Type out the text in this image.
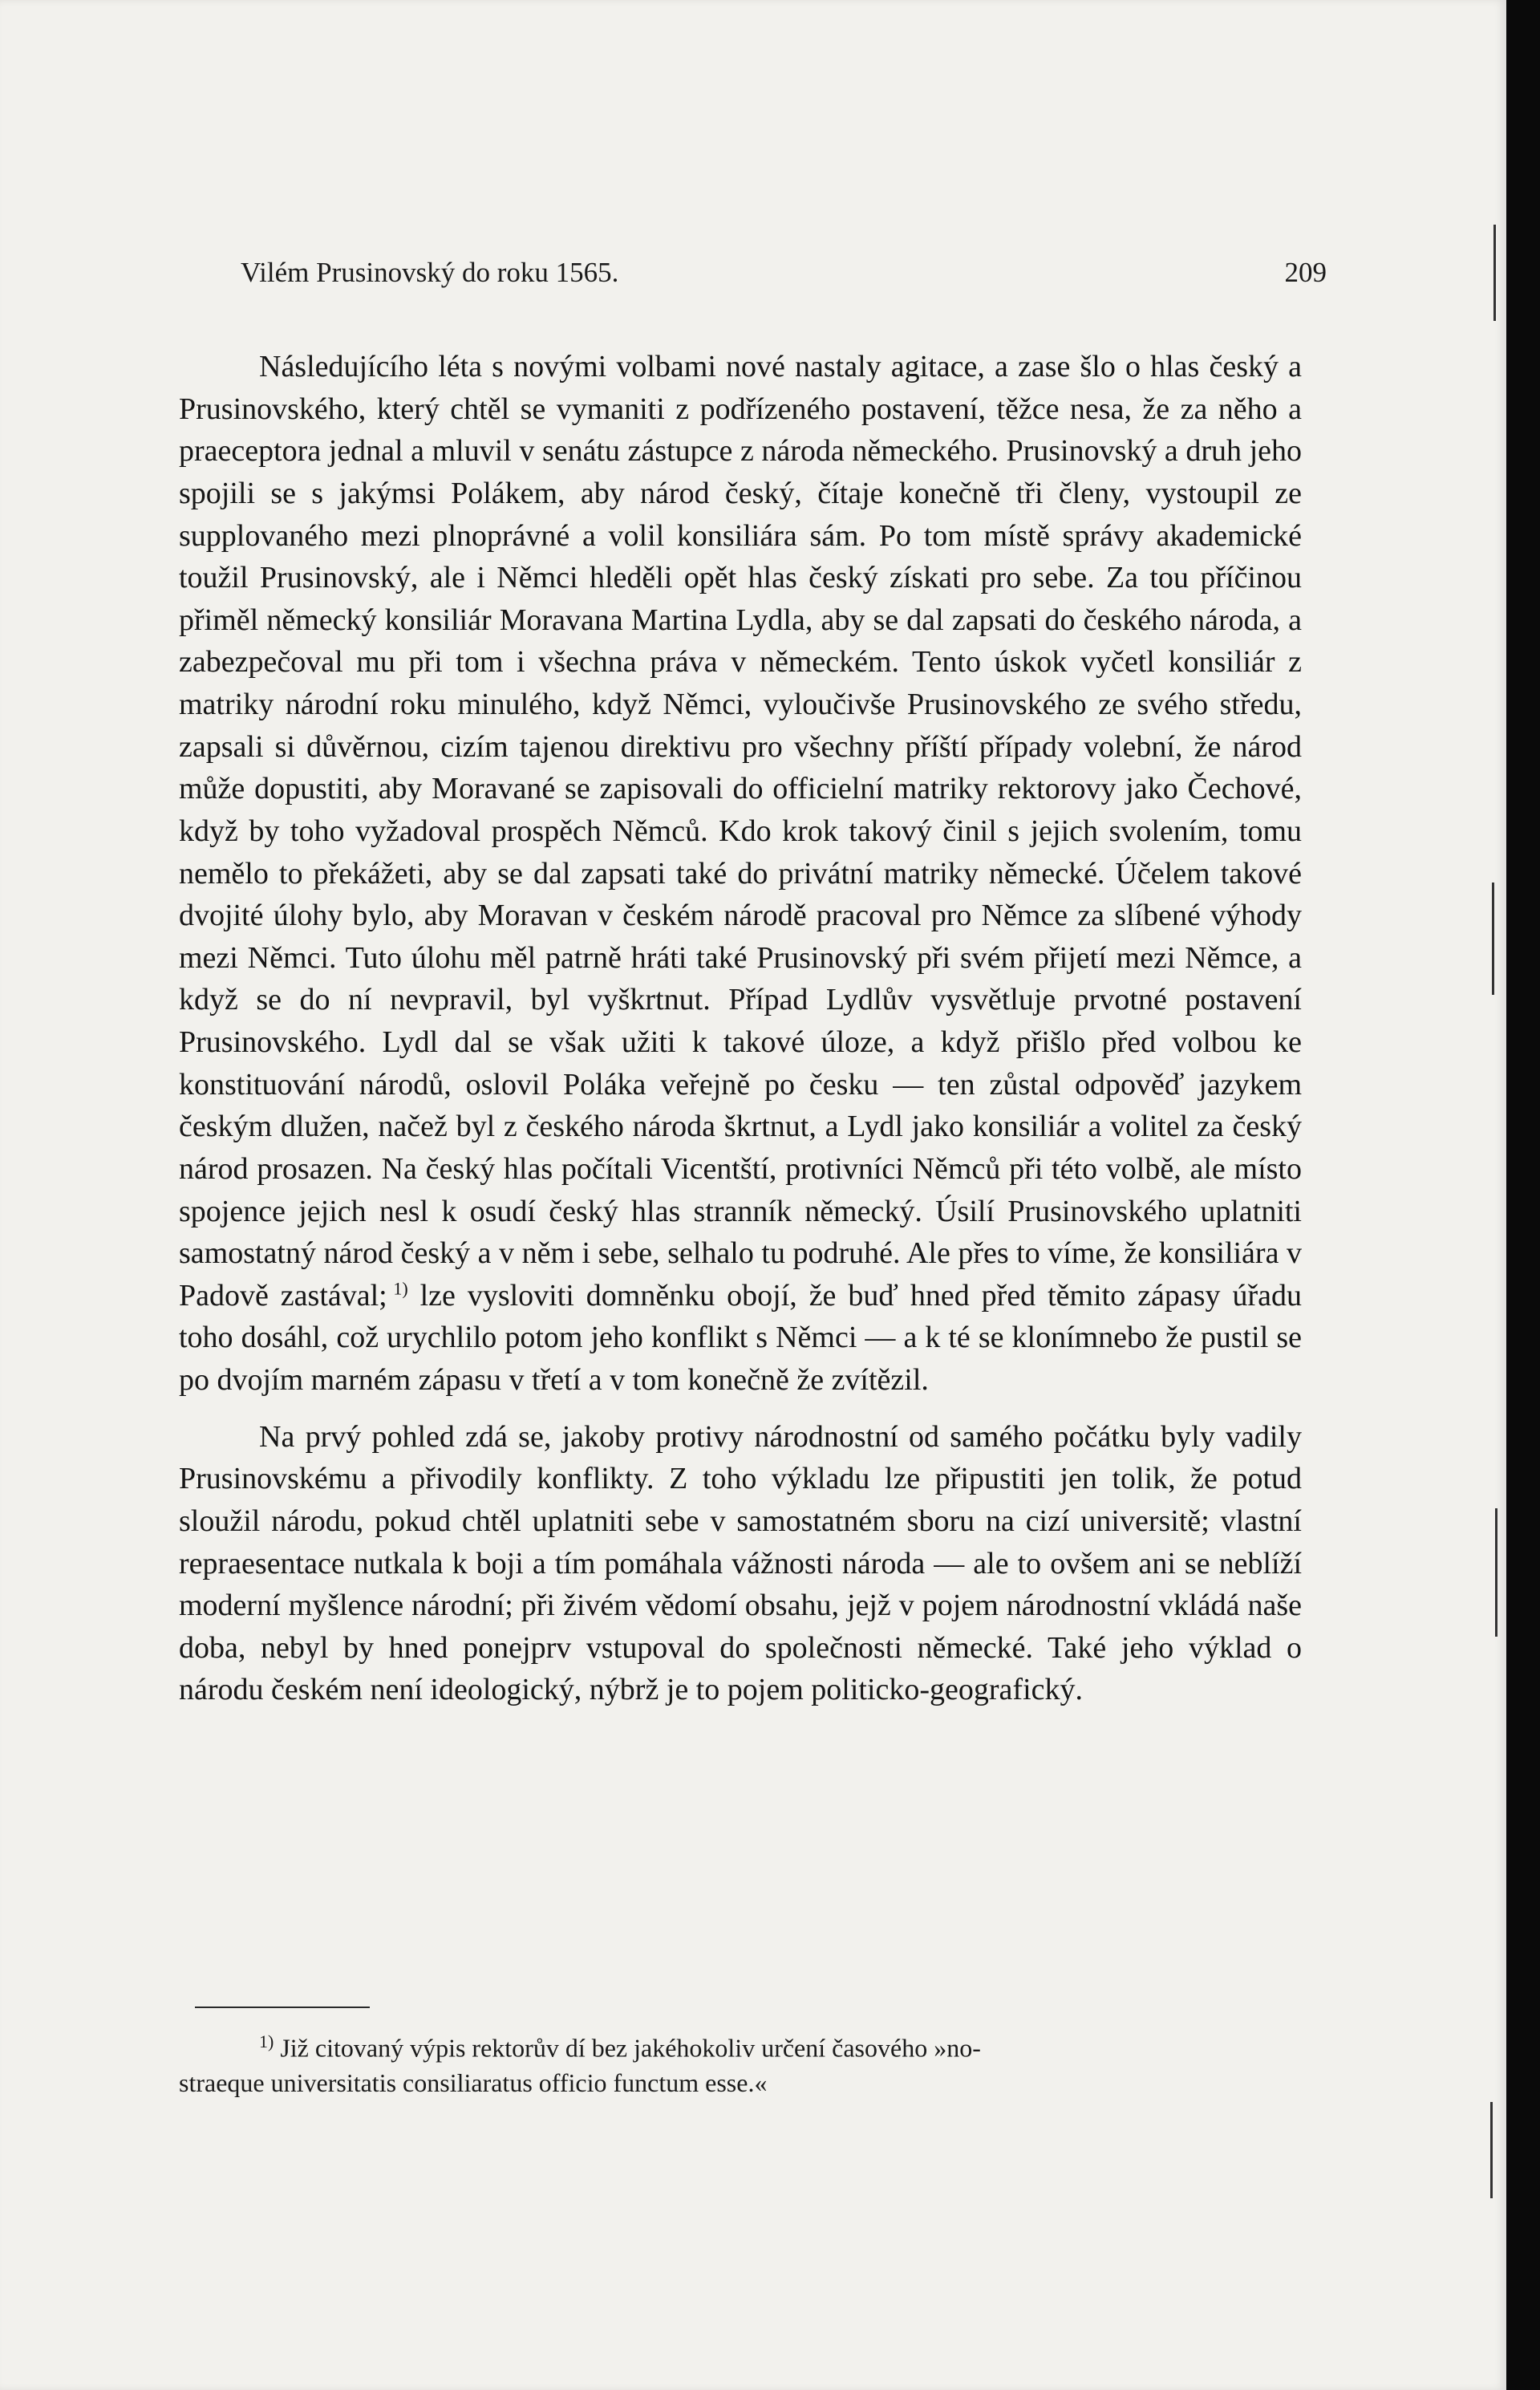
Vilém Prusinovský do roku 1565.	209

Následujícího léta s novými volbami nové nastaly agitace, a zase šlo o hlas český a Prusinovského, který chtěl se vymaniti z podřízeného postavení, těžce nesa, že za něho a praeceptora jednal a mluvil v senátu zástupce z národa německého. Prusinovský a druh jeho spojili se s jakýmsi Polákem, aby národ český, čítaje konečně tři členy, vystoupil ze supplovaného mezi plnoprávné a volil konsiliára sám. Po tom místě správy akademické toužil Prusinovský, ale i Němci hleděli opět hlas český získati pro sebe. Za tou příčinou přiměl německý konsiliár Moravana Martina Lydla, aby se dal zapsati do českého národa, a zabezpečoval mu při tom i všechna práva v německém. Tento úskok vyčetl konsiliár z matriky národní roku minulého, když Němci, vyloučivše Prusinovského ze svého středu, zapsali si důvěrnou, cizím tajenou direktivu pro všechny příští případy volební, že národ může dopustiti, aby Moravané se zapisovali do officielní matriky rektorovy jako Čechové, když by toho vyžadoval prospěch Němců. Kdo krok takový činil s jejich svolením, tomu nemělo to překážeti, aby se dal zapsati také do privátní matriky německé. Účelem takové dvojité úlohy bylo, aby Moravan v českém národě pracoval pro Němce za slíbené výhody mezi Němci. Tuto úlohu měl patrně hráti také Prusinovský při svém přijetí mezi Němce, a když se do ní nevpravil, byl vyškrtnut. Případ Lydlův vysvětluje prvotné postavení Prusinovského. Lydl dal se však užiti k takové úloze, a když přišlo před volbou ke konstituování národů, oslovil Poláka veřejně po česku — ten zůstal odpověď jazykem českým dlužen, načež byl z českého národa škrtnut, a Lydl jako konsiliár a volitel za český národ prosazen. Na český hlas počítali Vicentští, protivníci Němců při této volbě, ale místo spojence jejich nesl k osudí český hlas stranník německý. Úsilí Prusinovského uplatniti samostatný národ český a v něm i sebe, selhalo tu podruhé. Ale přes to víme, že konsiliára v Padově zastával;  $^{1)}$ lze vysloviti domněnku obojí, že buď hned před těmito zápasy úřadu toho dosáhl, což urychlilo potom jeho konflikt s Němci — a k té se klonímnebo že pustil se po dvojím marném zápasu v třetí a v tom konečně že zvítězil.

Na prvý pohled zdá se, jakoby protivy národnostní od samého počátku byly vadily Prusinovskému a přivodily konflikty. Z toho výkladu lze připustiti jen tolik, že potud sloužil národu, pokud chtěl uplatniti sebe v samostatném sboru na cizí universitě; vlastní repraesentace nutkala k boji a tím pomáhala vážnosti národa — ale to ovšem ani se neblíží moderní myšlence národní; při živém vědomí obsahu, jejž v pojem národnostní vkládá naše doba, nebyl by hned ponejprv vstupoval do společnosti německé. Také jeho výklad o národu českém není ideologický, nýbrž je to pojem politicko-geografický.

$^{1)}$ Již citovaný výpis rektorův dí bez jakéhokoliv určení časového »no-
straeque universitatis consiliaratus officio functum esse.«
